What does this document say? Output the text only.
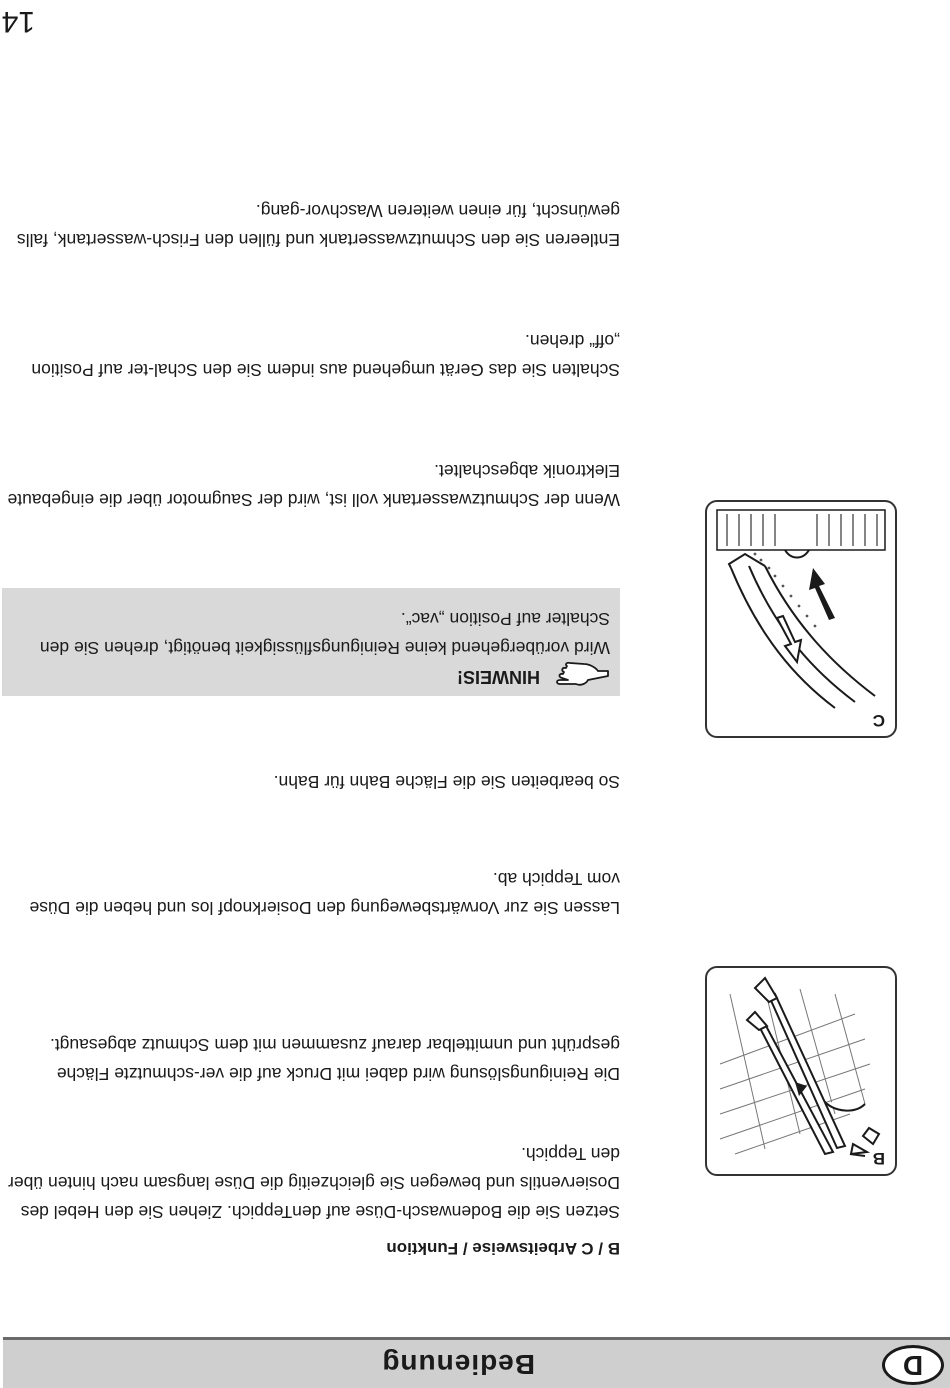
D
Bedienung

B / C Arbeitsweise / Funktion

Setzen Sie die Bodenwasch-Düse auf denTeppich. Ziehen Sie den Hebel des Dosierventils und bewegen Sie gleichzeitig die Düse langsam nach hinten über den Teppich.

Die Reinigungslösung wird dabei mit Druck auf die ver-schmutzte Fläche gesprüht und unmittelbar darauf zusammen mit dem Schmutz abgesaugt.

Lassen Sie zur Vorwärtsbewegung den Dosierknopf los und heben die Düse vom Teppich ab.

So bearbeiten Sie die Fläche Bahn für Bahn.

HINWEIS!

Wird vorübergehend keine Reinigungsflüssigkeit benötigt, drehen Sie den Schalter auf Position „vac“.

Wenn der Schmutzwassertank voll ist, wird der Saugmotor über die eingebaute Elektronik abgeschaltet.

Schalten Sie das Gerät umgehend aus indem Sie den Schal-ter auf Position „off“ drehen.

Entleeren Sie den Schmutzwassertank und füllen den Frisch-wassertank, falls gewünscht, für einen weiteren Waschvor-gang.

B
C
14
